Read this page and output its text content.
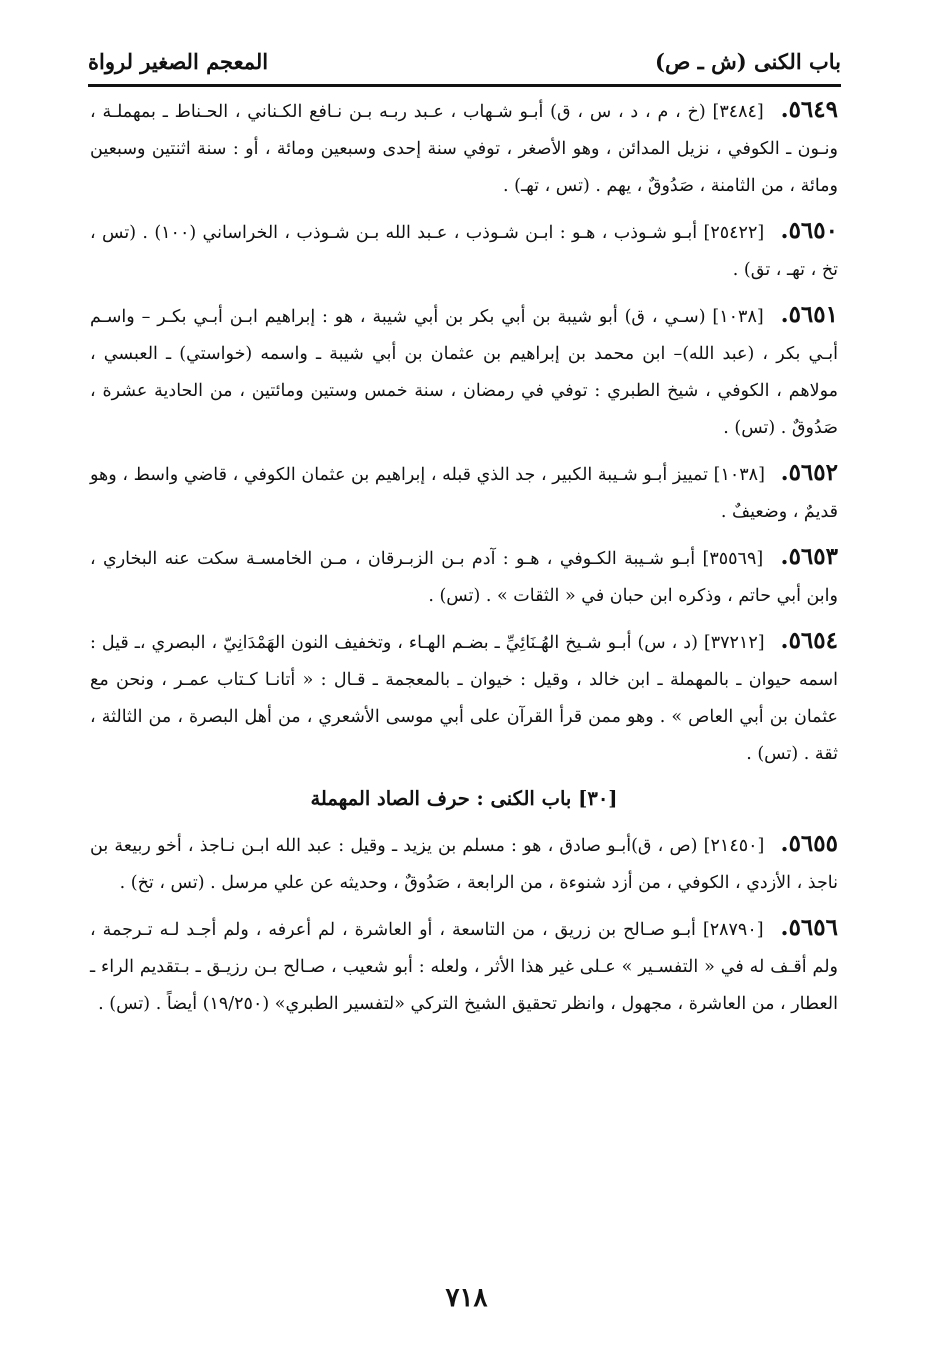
باب الكنى (ش ـ ص)
المعجم الصغير لرواة

٥٦٤٩. [٣٤٨٤] (خ ، م ، د ، س ، ق) أبـو شـهاب ، عـبد ربـه بـن نـافع الكـناني ، الحـناط ـ بمهملـة ، ونـون ـ الكوفي ، نزيل المدائن ، وهو الأصغر ، توفي سنة إحدى وسبعين ومائة ، أو : سنة اثنتين وسبعين ومائة ، من الثامنة ، صَدُوقٌ ، يهم . (تس ، تهـ) .

٥٦٥٠. [٢٥٤٢٢] أبـو شـوذب ، هـو : ابـن شـوذب ، عـبد الله بـن شـوذب ، الخراساني (١٠٠) . (تس ، تخ ، تهـ ، تق) .

٥٦٥١. [١٠٣٨] (سـي ، ق) أبو شيبة بن أبي بكر بن أبي شيبة ، هو : إبراهيم ابـن أبـي بكـر – واسـم أبـي بكر ، (عبد الله)– ابن محمد بن إبراهيم بن عثمان بن أبي شيبة ـ واسمه (خواستي) ـ العبسي ، مولاهم ، الكوفي ، شيخ الطبري : توفي في رمضان ، سنة خمس وستين ومائتين ، من الحادية عشرة ، صَدُوقٌ . (تس) .

٥٦٥٢. [١٠٣٨] تمييز أبـو شـيبة الكبير ، جد الذي قبله ، إبراهيم بن عثمان الكوفي ، قاضي واسط ، وهو قديمٌ ، وضعيفٌ .

٥٦٥٣. [٣٥٥٦٩] أبـو شـيبة الكـوفي ، هـو : آدم بـن الزبـرقان ، مـن الخامسـة سكت عنه البخاري ، وابن أبي حاتم ، وذكره ابن حبان في « الثقات » . (تس) .

٥٦٥٤. [٣٧٢١٢] (د ، س) أبـو شـيخ الهُـنَائِيِّ ـ بضـم الهـاء ، وتخفيف النون الهَمْدَانِيّ ، البصري ،ـ قيل : اسمه حيوان ـ بالمهملة ـ ابن خالد ، وقيل : خيوان ـ بالمعجمة ـ قـال : « أتانـا كـتاب عمـر ، ونحن مع عثمان بن أبي العاص » . وهو ممن قرأ القرآن على أبي موسى الأشعري ، من أهل البصرة ، من الثالثة ، ثقة . (تس) .

[٣٠] باب الكنى : حرف الصاد المهملة

٥٦٥٥. [٢١٤٥٠] (ص ، ق)أبـو صادق ، هو : مسلم بن يزيد ـ وقيل : عبد الله ابـن نـاجذ ، أخو ربيعة بن ناجذ ، الأزدي ، الكوفي ، من أزد شنوءة ، من الرابعة ، صَدُوقٌ ، وحديثه عن علي مرسل . (تس ، تخ) .

٥٦٥٦. [٢٨٧٩٠] أبـو صـالح بن زريق ، من التاسعة ، أو العاشرة ، لم أعرفه ، ولم أجـد لـه تـرجمة ، ولم أقـف له في « التفسـير » عـلى غير هذا الأثر ، ولعله : أبو شعيب ، صـالح بـن رزيـق ـ بـتقديم الراء ـ العطار ، من العاشرة ، مجهول ، وانظر تحقيق الشيخ التركي «لتفسير الطبري» (١٩/٢٥٠) أيضاً . (تس) .

٧١٨
